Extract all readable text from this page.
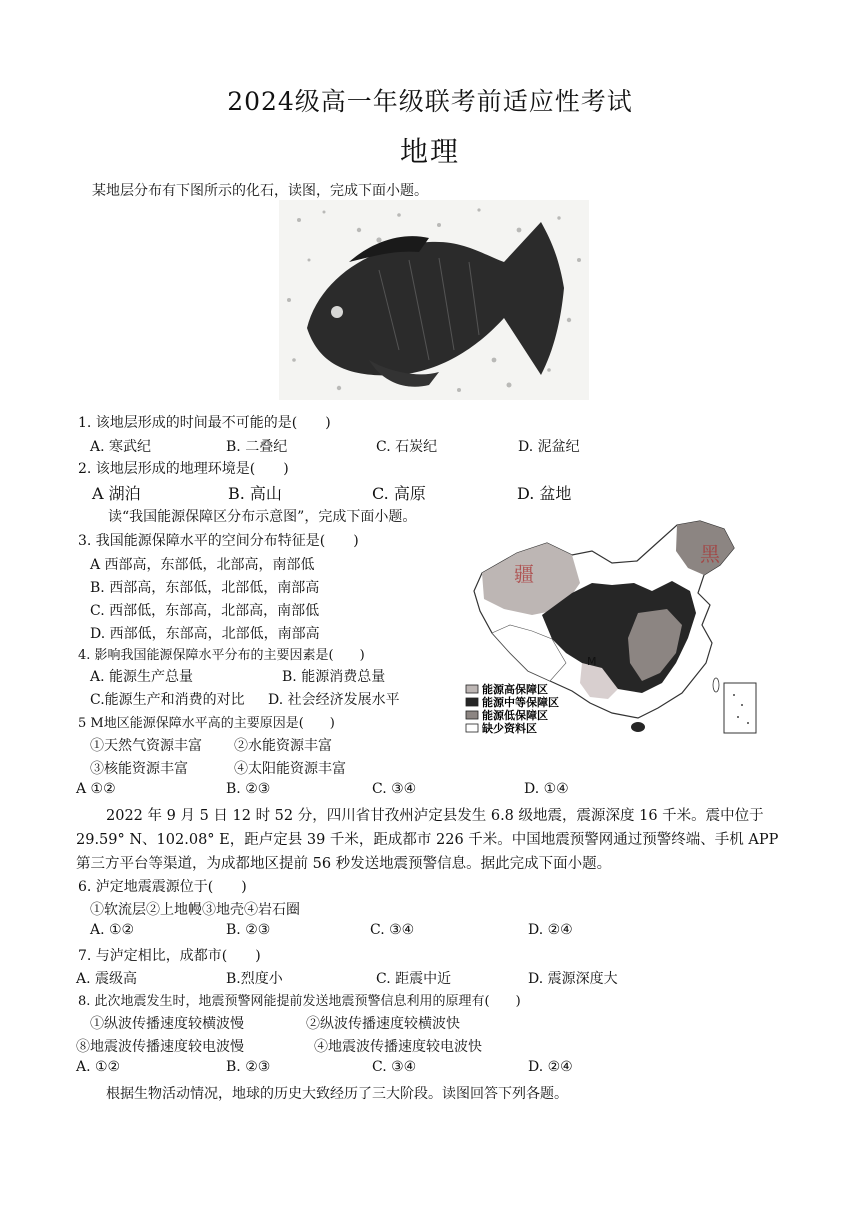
2024级高一年级联考前适应性考试
地理
某地层分布有下图所示的化石，读图，完成下面小题。
1. 该地层形成的时间最不可能的是(　　)
A. 寒武纪	B. 二叠纪	C. 石炭纪	D. 泥盆纪
2. 该地层形成的地理环境是(　　)
A 湖泊	B. 高山	C. 高原	D. 盆地
读“我国能源保障区分布示意图”，完成下面小题。
3. 我国能源保障水平的空间分布特征是(　　)
A 西部高，东部低，北部高，南部低
B. 西部高，东部低，北部低，南部高
C. 西部低，东部高，北部高，南部低
D. 西部低，东部高，北部低，南部高
4. 影响我国能源保障水平分布的主要因素是(　　)
A. 能源生产总量	B. 能源消费总量
C.能源生产和消费的对比 D. 社会经济发展水平
5 M地区能源保障水平高的主要原因是(　　)
①天然气资源丰富 ②水能资源丰富
③核能资源丰富	④太阳能资源丰富
A ①②	B. ②③	C. ③④	D. ①④
M
疆
黑
能源高保障区
能源中等保障区
能源低保障区
缺少资料区
2022 年 9 月 5 日 12 时 52 分，四川省甘孜州泸定县发生 6.8 级地震，震源深度 16 千米。震中位于 29.59° N、102.08° E，距卢定县 39 千米，距成都市 226 千米。中国地震预警网通过预警终端、手机 APP 第三方平台等渠道，为成都地区提前 56 秒发送地震预警信息。据此完成下面小题。
6. 泸定地震震源位于(　　)
①软流层②上地幔③地壳④岩石圈
A. ①②	B. ②③	C. ③④	D. ②④
7. 与泸定相比，成都市(　　)
A. 震级高	B.烈度小	C. 距震中近	D. 震源深度大
8. 此次地震发生时，地震预警网能提前发送地震预警信息利用的原理有(　　)
①纵波传播速度较横波慢	②纵波传播速度较横波快
⑧地震波传播速度较电波慢	④地震波传播速度较电波快
A. ①②	B. ②③	C. ③④	D. ②④
根据生物活动情况，地球的历史大致经历了三大阶段。读图回答下列各题。
